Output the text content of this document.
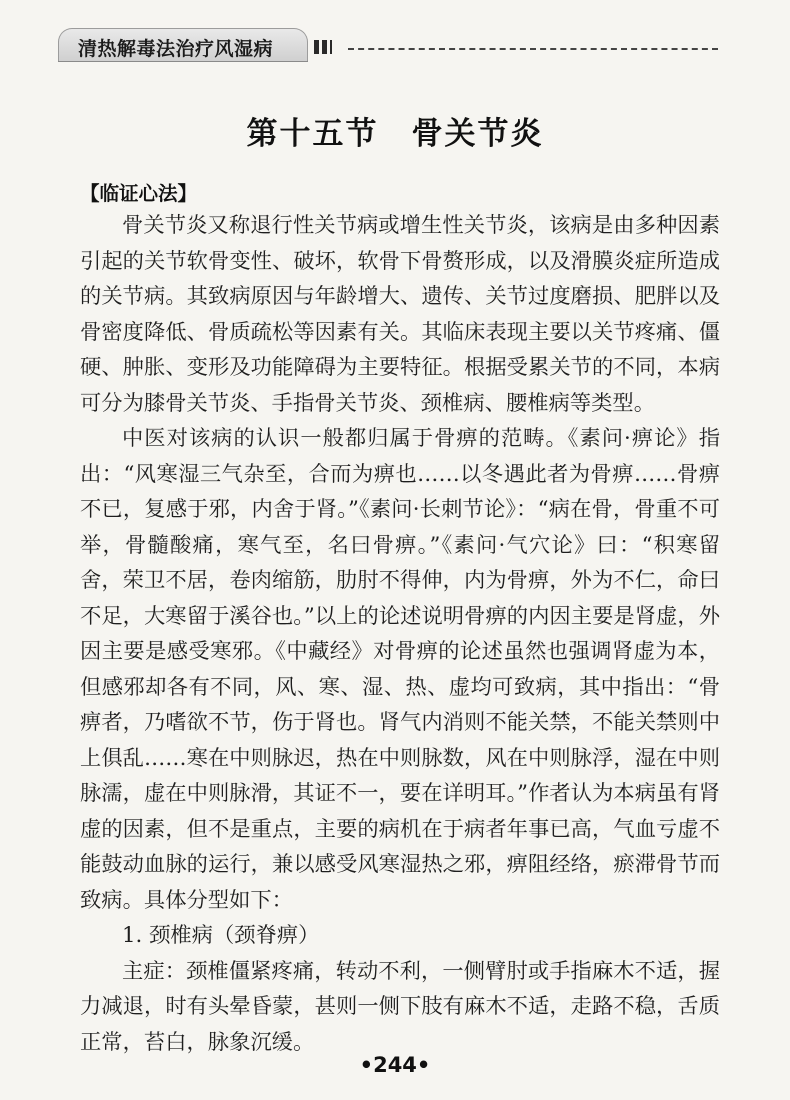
清热解毒法治疗风湿病
第十五节　骨关节炎
【临证心法】

骨关节炎又称退行性关节病或增生性关节炎，该病是由多种因素引起的关节软骨变性、破坏，软骨下骨赘形成，以及滑膜炎症所造成的关节病。其致病原因与年龄增大、遗传、关节过度磨损、肥胖以及骨密度降低、骨质疏松等因素有关。其临床表现主要以关节疼痛、僵硬、肿胀、变形及功能障碍为主要特征。根据受累关节的不同，本病可分为膝骨关节炎、手指骨关节炎、颈椎病、腰椎病等类型。

中医对该病的认识一般都归属于骨痹的范畴。《素问·痹论》指出：“风寒湿三气杂至，合而为痹也……以冬遇此者为骨痹……骨痹不已，复感于邪，内舍于肾。”《素问·长刺节论》：“病在骨，骨重不可举，骨髓酸痛，寒气至，名曰骨痹。”《素问·气穴论》曰：“积寒留舍，荣卫不居，卷肉缩筋，肋肘不得伸，内为骨痹，外为不仁，命曰不足，大寒留于溪谷也。”以上的论述说明骨痹的内因主要是肾虚，外因主要是感受寒邪。《中藏经》对骨痹的论述虽然也强调肾虚为本，但感邪却各有不同，风、寒、湿、热、虚均可致病，其中指出：“骨痹者，乃嗜欲不节，伤于肾也。肾气内消则不能关禁，不能关禁则中上俱乱……寒在中则脉迟，热在中则脉数，风在中则脉浮，湿在中则脉濡，虚在中则脉滑，其证不一，要在详明耳。”作者认为本病虽有肾虚的因素，但不是重点，主要的病机在于病者年事已高，气血亏虚不能鼓动血脉的运行，兼以感受风寒湿热之邪，痹阻经络，瘀滞骨节而致病。具体分型如下：

1. 颈椎病（颈脊痹）

主症：颈椎僵紧疼痛，转动不利，一侧臂肘或手指麻木不适，握力减退，时有头晕昏蒙，甚则一侧下肢有麻木不适，走路不稳，舌质正常，苔白，脉象沉缓。

•244•
